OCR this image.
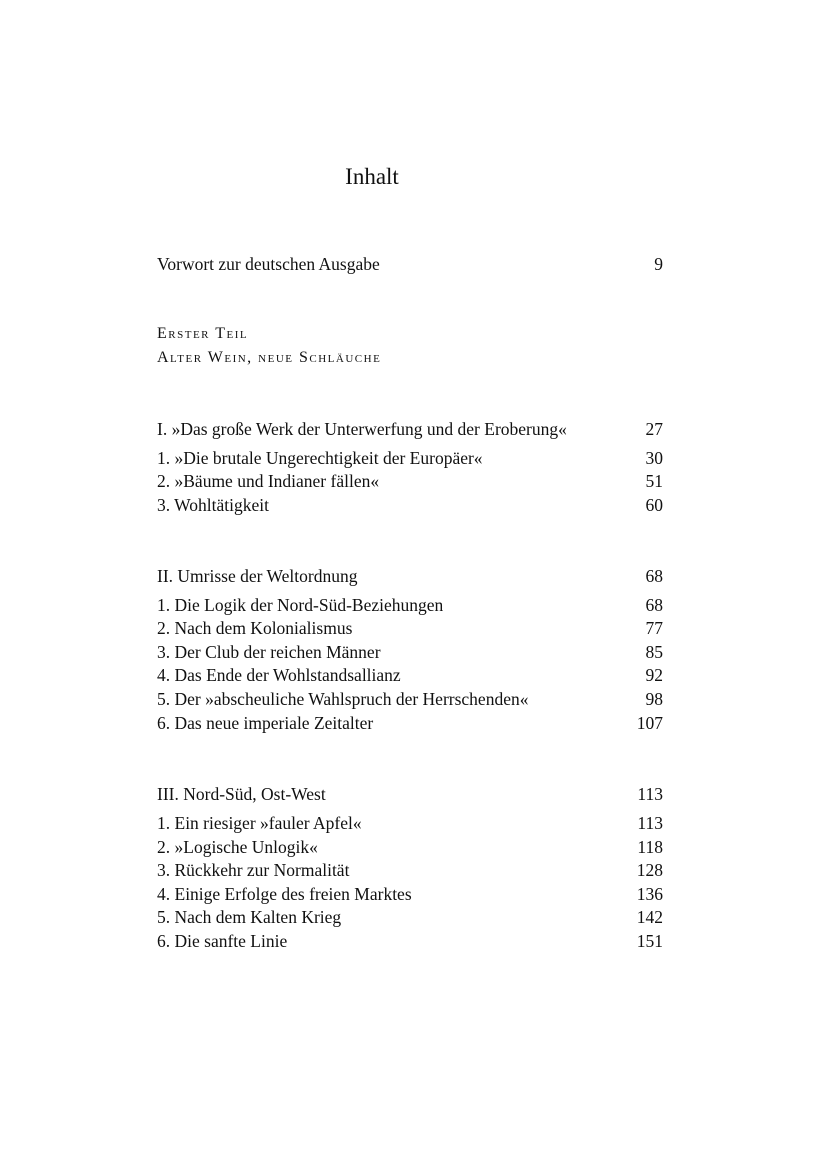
Inhalt
Vorwort zur deutschen Ausgabe	9
Erster Teil
Alter Wein, neue Schläuche
I. »Das große Werk der Unterwerfung und der Eroberung«	27
1. »Die brutale Ungerechtigkeit der Europäer«	30
2. »Bäume und Indianer fällen«	51
3. Wohltätigkeit	60
II. Umrisse der Weltordnung	68
1. Die Logik der Nord-Süd-Beziehungen	68
2. Nach dem Kolonialismus	77
3. Der Club der reichen Männer	85
4. Das Ende der Wohlstandsallianz	92
5. Der »abscheuliche Wahlspruch der Herrschenden«	98
6. Das neue imperiale Zeitalter	107
III. Nord-Süd, Ost-West	113
1. Ein riesiger »fauler Apfel«	113
2. »Logische Unlogik«	118
3. Rückkehr zur Normalität	128
4. Einige Erfolge des freien Marktes	136
5. Nach dem Kalten Krieg	142
6. Die sanfte Linie	151
